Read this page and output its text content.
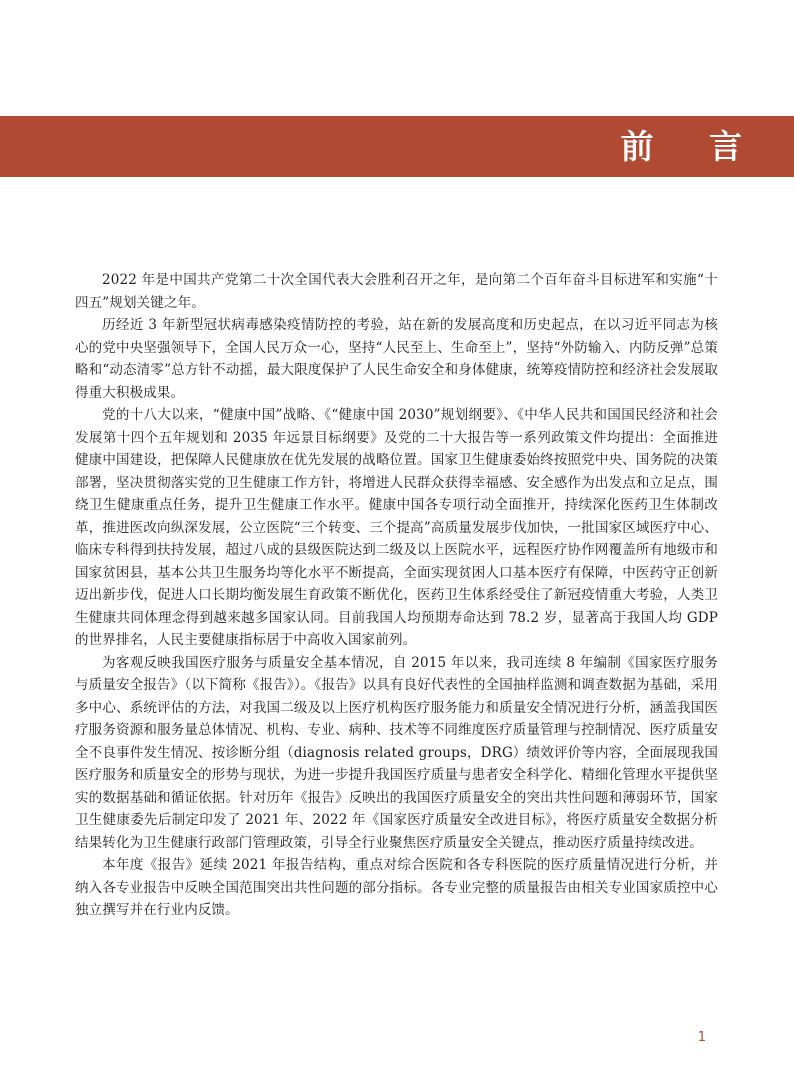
前 言

2022 年是中国共产党第二十次全国代表大会胜利召开之年，是向第二个百年奋斗目标进军和实施“十四五”规划关键之年。

历经近 3 年新型冠状病毒感染疫情防控的考验，站在新的发展高度和历史起点，在以习近平同志为核心的党中央坚强领导下，全国人民万众一心，坚持“人民至上、生命至上”，坚持“外防输入、内防反弹”总策略和“动态清零”总方针不动摇，最大限度保护了人民生命安全和身体健康，统筹疫情防控和经济社会发展取得重大积极成果。

党的十八大以来，“健康中国”战略、《“健康中国 2030”规划纲要》、《中华人民共和国国民经济和社会发展第十四个五年规划和 2035 年远景目标纲要》及党的二十大报告等一系列政策文件均提出：全面推进健康中国建设，把保障人民健康放在优先发展的战略位置。国家卫生健康委始终按照党中央、国务院的决策部署，坚决贯彻落实党的卫生健康工作方针，将增进人民群众获得幸福感、安全感作为出发点和立足点，围绕卫生健康重点任务，提升卫生健康工作水平。健康中国各专项行动全面推开，持续深化医药卫生体制改革，推进医改向纵深发展，公立医院“三个转变、三个提高”高质量发展步伐加快，一批国家区域医疗中心、临床专科得到扶持发展，超过八成的县级医院达到二级及以上医院水平，远程医疗协作网覆盖所有地级市和国家贫困县，基本公共卫生服务均等化水平不断提高，全面实现贫困人口基本医疗有保障，中医药守正创新迈出新步伐，促进人口长期均衡发展生育政策不断优化，医药卫生体系经受住了新冠疫情重大考验，人类卫生健康共同体理念得到越来越多国家认同。目前我国人均预期寿命达到 78.2 岁，显著高于我国人均 GDP 的世界排名，人民主要健康指标居于中高收入国家前列。

为客观反映我国医疗服务与质量安全基本情况，自 2015 年以来，我司连续 8 年编制《国家医疗服务与质量安全报告》（以下简称《报告》）。《报告》以具有良好代表性的全国抽样监测和调查数据为基础，采用多中心、系统评估的方法，对我国二级及以上医疗机构医疗服务能力和质量安全情况进行分析，涵盖我国医疗服务资源和服务量总体情况、机构、专业、病种、技术等不同维度医疗质量管理与控制情况、医疗质量安全不良事件发生情况、按诊断分组（diagnosis related groups，DRG）绩效评价等内容，全面展现我国医疗服务和质量安全的形势与现状，为进一步提升我国医疗质量与患者安全科学化、精细化管理水平提供坚实的数据基础和循证依据。针对历年《报告》反映出的我国医疗质量安全的突出共性问题和薄弱环节，国家卫生健康委先后制定印发了 2021 年、2022 年《国家医疗质量安全改进目标》，将医疗质量安全数据分析结果转化为卫生健康行政部门管理政策，引导全行业聚焦医疗质量安全关键点，推动医疗质量持续改进。

本年度《报告》延续 2021 年报告结构，重点对综合医院和各专科医院的医疗质量情况进行分析，并纳入各专业报告中反映全国范围突出共性问题的部分指标。各专业完整的质量报告由相关专业国家质控中心独立撰写并在行业内反馈。

1
